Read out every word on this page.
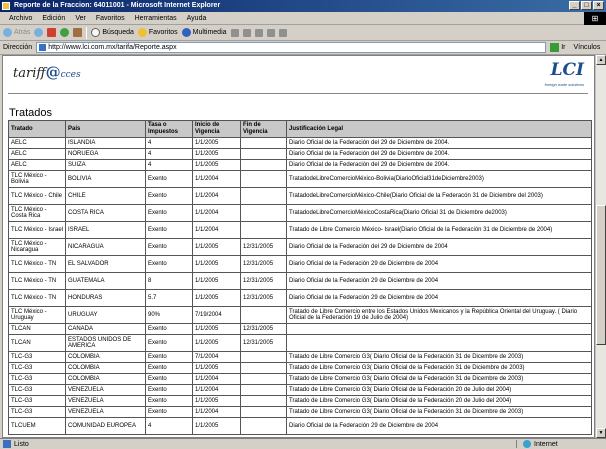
Reporte de la Fraccion: 64011001 - Microsoft Internet Explorer	_	□	×
Archivo	Edición	Ver	Favoritos	Herramientas	Ayuda	⊞
Atrás	Búsqueda Favoritos Multimedia
Dirección	http://www.lci.com.mx/tarifa/Reporte.aspx	Ir Vínculos
tariff@cces	LCI
foreign trade solutions
Tratados
Tratado	País	Tasa o Impuestos	Inicio de Vigencia	Fin de Vigencia	Justificación Legal
AELC	ISLANDIA	4	1/1/2005		Diario Oficial de la Federación del 29 de Diciembre de 2004.
AELC	NORUEGA	4	1/1/2005		Diario Oficial de la Federación del 29 de Diciembre de 2004.
AELC	SUIZA	4	1/1/2005		Diario Oficial de la Federación del 29 de Diciembre de 2004.
TLC México - Bolivia	BOLIVIA	Exento	1/1/2004		TratadodeLibreComercioMéxico-Bolivia(DiarioOficial31deDiciembre2003)
TLC México - Chile	CHILE	Exento	1/1/2004		TratadodeLibreComercioMéxico-Chile(Diario Oficial de la Federacón 31 de Diciembre del 2003)
TLC México - Costa Rica	COSTA RICA	Exento	1/1/2004		TratadodeLibreComercioMéxicoCostaRica(Diario Oficial 31 de Diciembre de2003)
TLC México - Israel	ISRAEL	Exento	1/1/2004		Tratado de Libre Comercio México- Israel(Diario Oficial de la Federación 31 de Diciembre de 2004)
TLC México - Nicaragua	NICARAGUA	Exento	1/1/2005	12/31/2005	Diario Oficial de la Federación del 29 de Diciembre de 2004
TLC México - TN	EL SALVADOR	Exento	1/1/2005	12/31/2005	Diario Oficial de la Federación 29 de Diciembre de 2004
TLC México - TN	GUATEMALA	8	1/1/2005	12/31/2005	Diario Oficial de la Federación 29 de Diciembre de 2004
TLC México - TN	HONDURAS	5.7	1/1/2005	12/31/2005	Diario Oficial de la Federación 29 de Diciembre de 2004
TLC México - Uruguay	URUGUAY	90%	7/19/2004		Tratado de Libre Comercio entre los Estados Unidos Mexicanos y la República Oriental del Uruguay. ( Diario Oficial de la Federación 19 de Julio de 2004)
TLCAN	CANADA	Exento	1/1/2005	12/31/2005	
TLCAN	ESTADOS UNIDOS DE AMERICA	Exento	1/1/2005	12/31/2005	
TLC-G3	COLOMBIA	Exento	7/1/2004		Tratado de Libre Comercio G3( Diario Oficial de la Federación 31 de Dicembre de 2003)
TLC-G3	COLOMBIA	Exento	1/1/2005		Tratado de Libre Comercio G3( Diario Oficial de la Federación 31 de Diciembre de 2003)
TLC-G3	COLOMBIA	Exento	1/1/2004		Tratado de Libre Comercio G3( Diario Oficial de la Federación 31 de Dicembre de 2003)
TLC-G3	VENEZUELA	Exento	1/1/2004		Tratado de Libre Comercio G3( Diario Oficial de la Federación 20 de Julio del 2004)
TLC-G3	VENEZUELA	Exento	1/1/2005		Tratado de Libre Comercio G3( Diario Oficial de la Federación 20 de Julio del 2004)
TLC-G3	VENEZUELA	Exento	1/1/2004		Tratado de Libre Comercio G3( Diario Oficial de la Federación 31 de Dicembre de 2003)
TLCUEM	COMUNIDAD EUROPEA	4	1/1/2005		Diario Oficial de la Federación 29 de Diciembre de 2004
▲
▼
Listo	Internet
